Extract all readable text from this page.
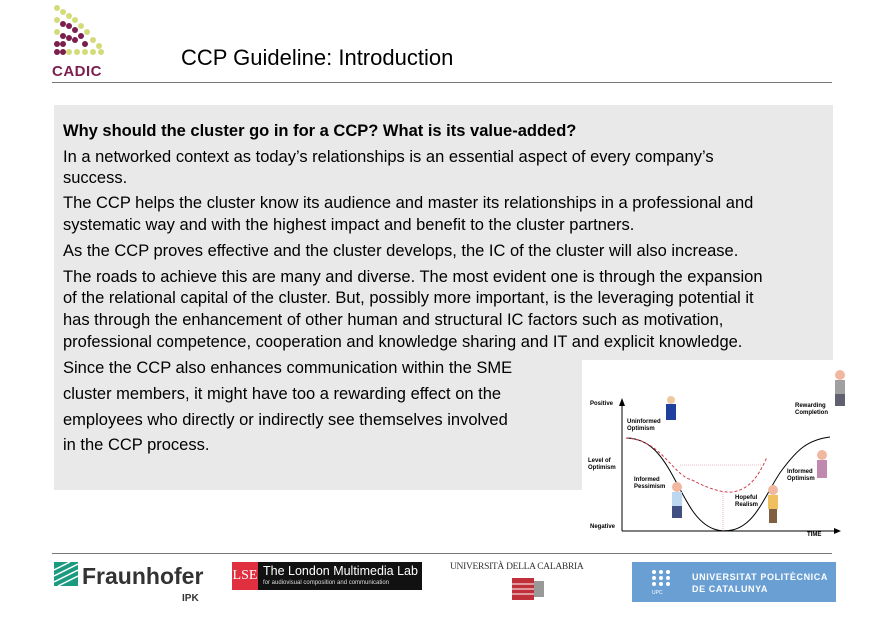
CADIC
CCP Guideline: Introduction
Why should the cluster go in for a CCP? What is its value-added?
In a networked context as today’s relationships is an essential aspect of every company’s
success.
The CCP helps the cluster know its audience and master its relationships in a professional and
systematic way and with the highest impact and benefit to the cluster partners.
As the CCP proves effective and the cluster develops, the IC of the cluster will also increase.
The roads to achieve this are many and diverse. The most evident one is through the expansion
of the relational capital of the cluster. But, possibly more important, is the leveraging potential it
has through the enhancement of other human and structural IC factors such as motivation,
professional competence, cooperation and knowledge sharing and IT and explicit knowledge.
Since the CCP also enhances communication within the SME
cluster members, it might have too a rewarding effect on the
employees who directly or indirectly see themselves involved
in the CCP process.
Positive
Level of Optimism
Negative
TIME
Uninformed Optimism
Informed Pessimism
Hopeful Realism
Informed Optimism
Rewarding Completion
Fraunhofer
IPK
LSE The London Multimedia Lab
for audiovisual composition and communication
UNIVERSITÀ DELLA CALABRIA
UPC
UNIVERSITAT POLITÈCNICA
DE CATALUNYA
